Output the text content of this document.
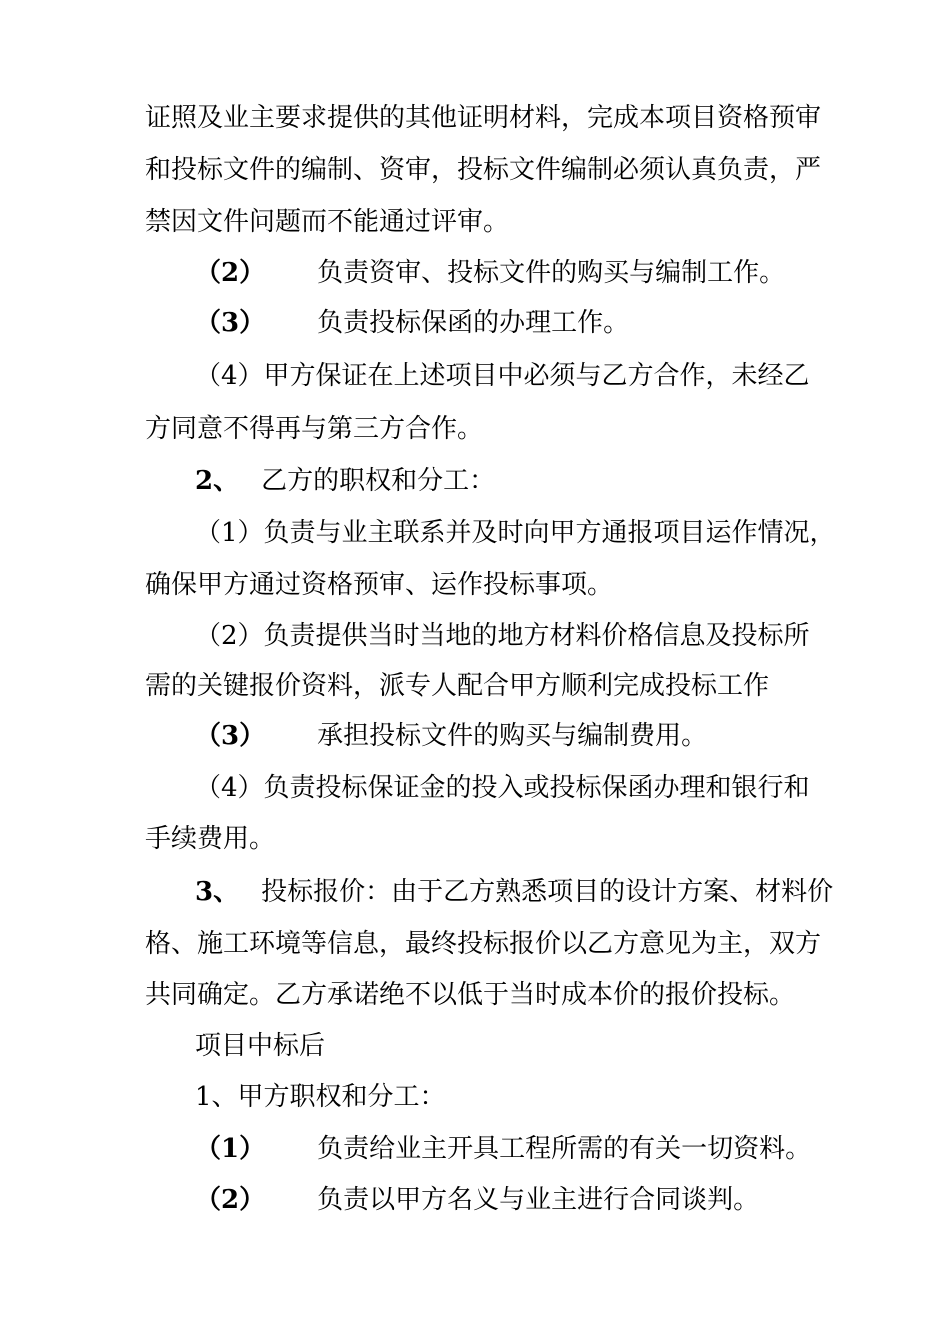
证照及业主要求提供的其他证明材料，完成本项目资格预审
和投标文件的编制、资审，投标文件编制必须认真负责，严
禁因文件问题而不能通过评审。
（2） 负责资审、投标文件的购买与编制工作。
（3） 负责投标保函的办理工作。
（4）甲方保证在上述项目中必须与乙方合作，未经乙
方同意不得再与第三方合作。
2、 乙方的职权和分工：
（1）负责与业主联系并及时向甲方通报项目运作情况，
确保甲方通过资格预审、运作投标事项。
（2）负责提供当时当地的地方材料价格信息及投标所
需的关键报价资料，派专人配合甲方顺利完成投标工作
（3） 承担投标文件的购买与编制费用。
（4）负责投标保证金的投入或投标保函办理和银行和
手续费用。
3、 投标报价：由于乙方熟悉项目的设计方案、材料价
格、施工环境等信息，最终投标报价以乙方意见为主，双方
共同确定。乙方承诺绝不以低于当时成本价的报价投标。
项目中标后
1、甲方职权和分工：
（1） 负责给业主开具工程所需的有关一切资料。
（2） 负责以甲方名义与业主进行合同谈判。
